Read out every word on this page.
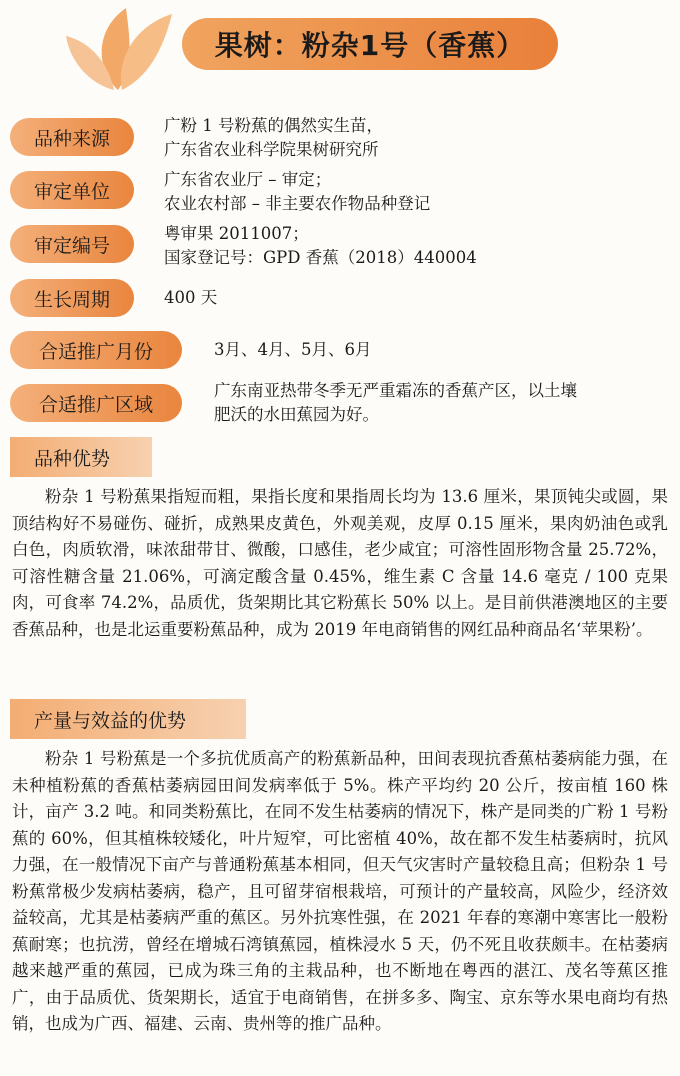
果树：粉杂1号（香蕉）
品种来源
广粉 1 号粉蕉的偶然实生苗，
广东省农业科学院果树研究所
审定单位
广东省农业厅 – 审定；
农业农村部 – 非主要农作物品种登记
审定编号
粤审果 2011007；
国家登记号：GPD 香蕉（2018）440004
生长周期	400 天
合适推广月份	3月、4月、5月、6月
合适推广区域
广东南亚热带冬季无严重霜冻的香蕉产区，以土壤
肥沃的水田蕉园为好。
品种优势
粉杂 1 号粉蕉果指短而粗，果指长度和果指周长均为 13.6 厘米，果顶钝尖或圆，果顶结构好不易碰伤、碰折，成熟果皮黄色，外观美观，皮厚 0.15 厘米，果肉奶油色或乳白色，肉质软滑，味浓甜带甘、微酸，口感佳，老少咸宜；可溶性固形物含量 25.72%，可溶性糖含量 21.06%，可滴定酸含量 0.45%，维生素 C 含量 14.6 毫克 / 100 克果肉，可食率 74.2%，品质优，货架期比其它粉蕉长 50% 以上。是目前供港澳地区的主要香蕉品种，也是北运重要粉蕉品种，成为 2019 年电商销售的网红品种商品名‘苹果粉’。
产量与效益的优势
粉杂 1 号粉蕉是一个多抗优质高产的粉蕉新品种，田间表现抗香蕉枯萎病能力强，在未种植粉蕉的香蕉枯萎病园田间发病率低于 5%。株产平均约 20 公斤，按亩植 160 株计，亩产 3.2 吨。和同类粉蕉比，在同不发生枯萎病的情况下，株产是同类的广粉 1 号粉蕉的 60%，但其植株较矮化，叶片短窄，可比密植 40%，故在都不发生枯萎病时，抗风力强，在一般情况下亩产与普通粉蕉基本相同，但天气灾害时产量较稳且高；但粉杂 1 号粉蕉常极少发病枯萎病，稳产，且可留芽宿根栽培，可预计的产量较高，风险少，经济效益较高，尤其是枯萎病严重的蕉区。另外抗寒性强，在 2021 年春的寒潮中寒害比一般粉蕉耐寒；也抗涝，曾经在增城石湾镇蕉园，植株浸水 5 天，仍不死且收获颇丰。在枯萎病越来越严重的蕉园，已成为珠三角的主栽品种，也不断地在粤西的湛江、茂名等蕉区推广，由于品质优、货架期长，适宜于电商销售，在拼多多、陶宝、京东等水果电商均有热销，也成为广西、福建、云南、贵州等的推广品种。
